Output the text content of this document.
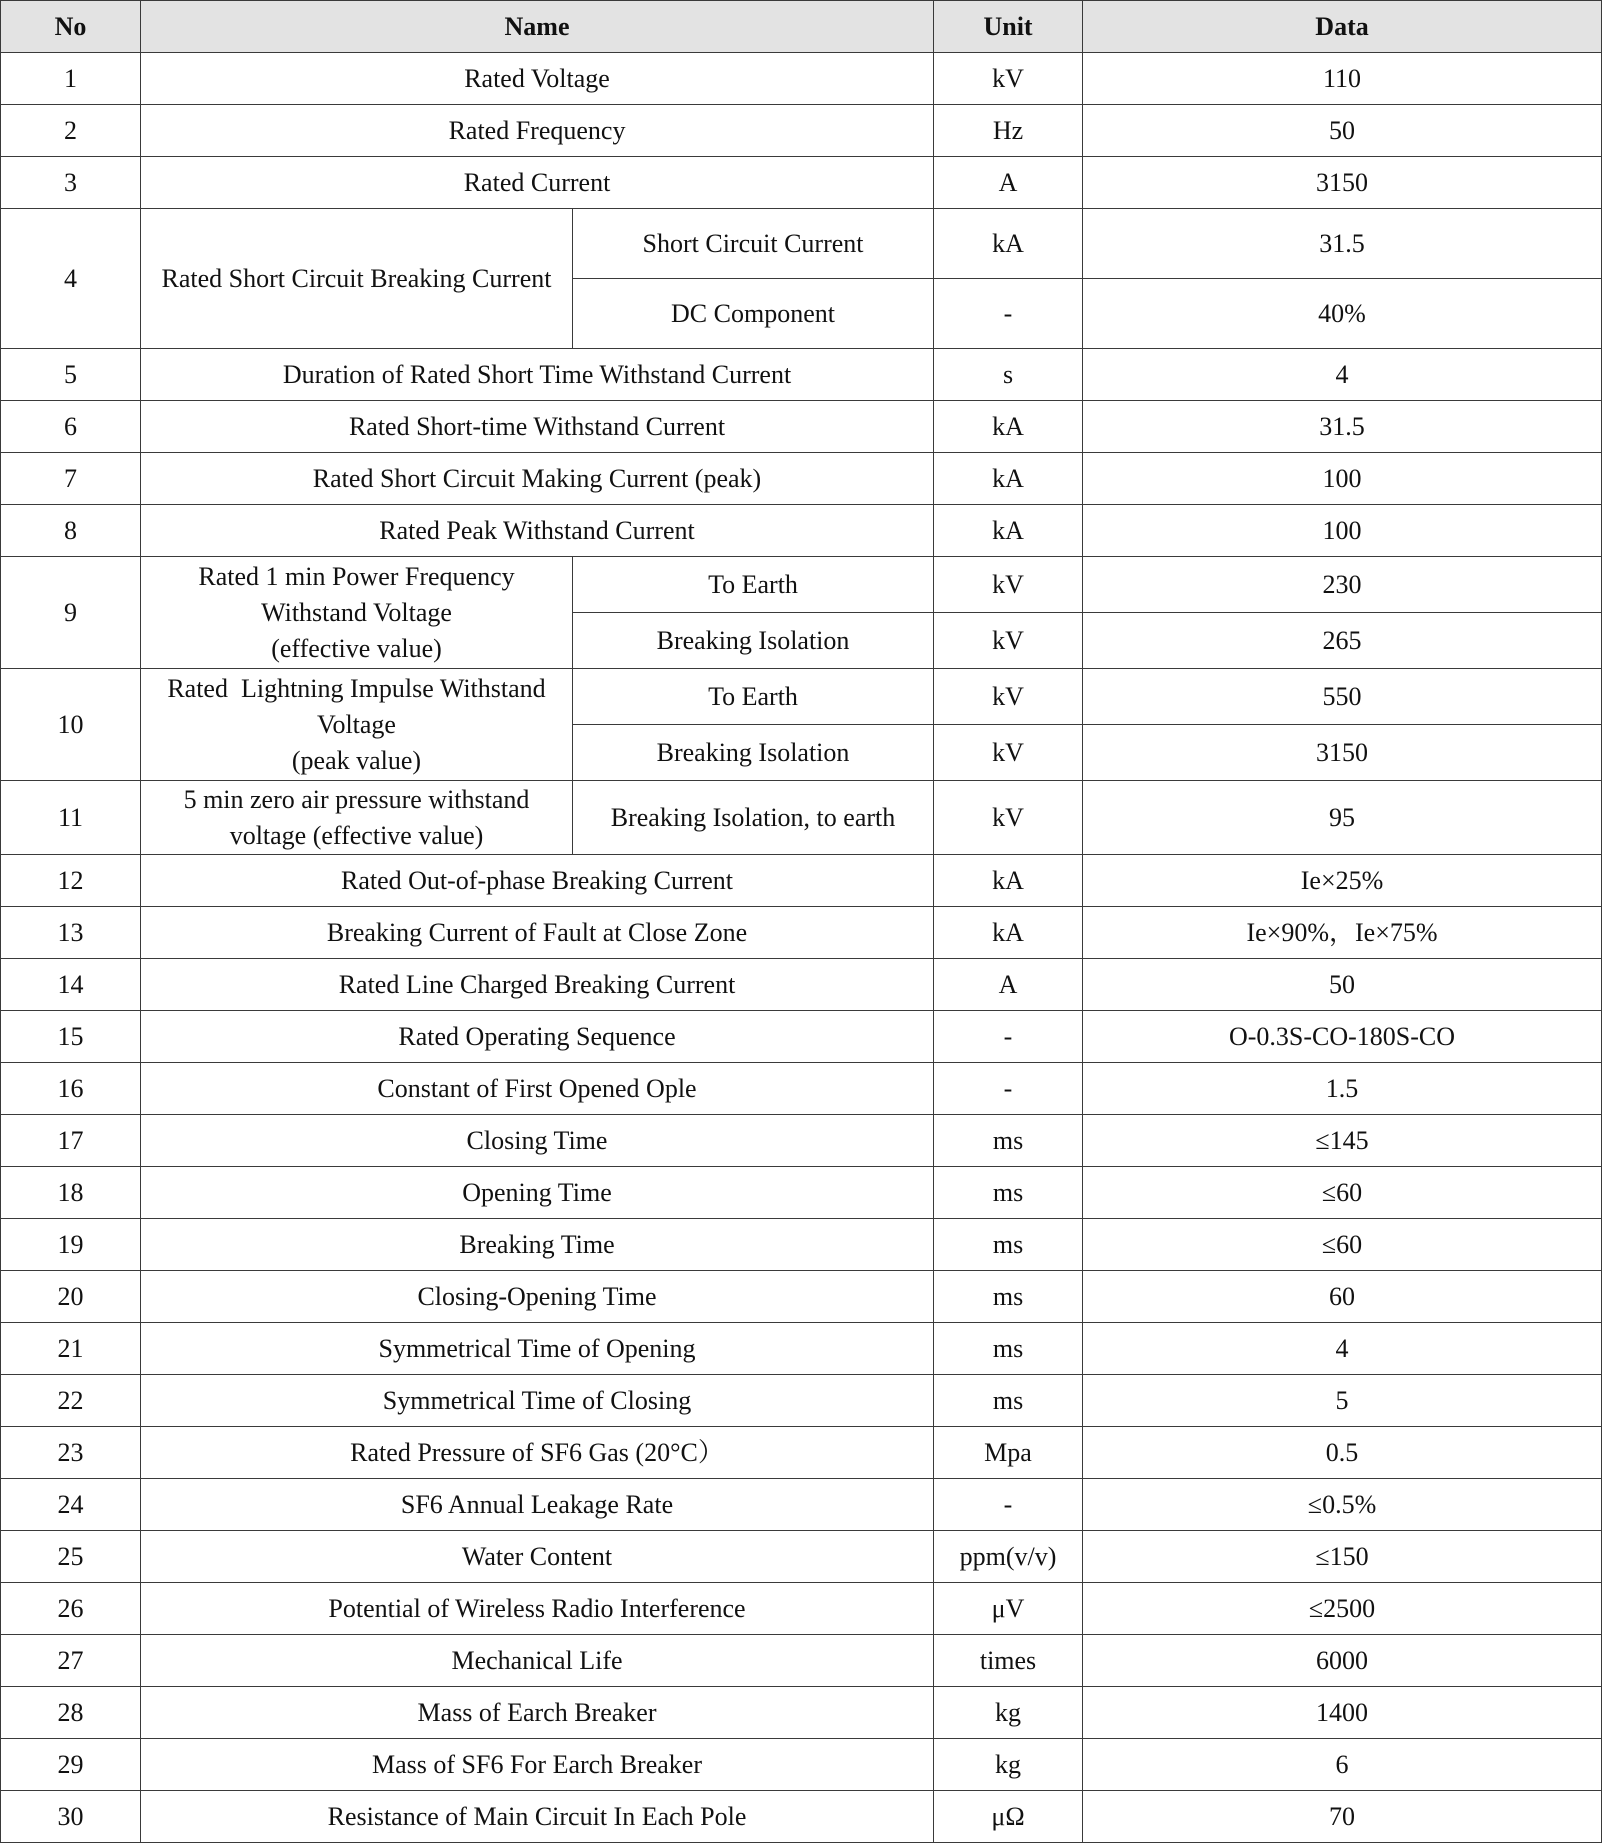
No	Name		Unit	Data
1	Rated Voltage		kV	110
2	Rated Frequency		Hz	50
3	Rated Current		A	3150
4	Rated Short Circuit Breaking Current	Short Circuit Current	kA	31.5
		DC Component	-	40%
5	Duration of Rated Short Time Withstand Current		s	4
6	Rated Short-time Withstand Current		kA	31.5
7	Rated Short Circuit Making Current (peak)		kA	100
8	Rated Peak Withstand Current		kA	100
9	Rated 1 min Power Frequency
Withstand Voltage
(effective value)	To Earth	kV	230
		Breaking Isolation	kV	265
10	Rated  Lightning Impulse Withstand
Voltage
(peak value)	To Earth	kV	550
		Breaking Isolation	kV	3150
11	5 min zero air pressure withstand
voltage (effective value)	Breaking Isolation, to earth	kV	95
12	Rated Out-of-phase Breaking Current		kA	Ie×25%
13	Breaking Current of Fault at Close Zone		kA	Ie×90%，Ie×75%
14	Rated Line Charged Breaking Current		A	50
15	Rated Operating Sequence		-	O-0.3S-CO-180S-CO
16	Constant of First Opened Ople		-	1.5
17	Closing Time		ms	≤145
18	Opening Time		ms	≤60
19	Breaking Time		ms	≤60
20	Closing-Opening Time		ms	60
21	Symmetrical Time of Opening		ms	4
22	Symmetrical Time of Closing		ms	5
23	Rated Pressure of SF6 Gas (20°C）		Mpa	0.5
24	SF6 Annual Leakage Rate		-	≤0.5%
25	Water Content		ppm(v/v)	≤150
26	Potential of Wireless Radio Interference		μV	≤2500
27	Mechanical Life		times	6000
28	Mass of Earch Breaker		kg	1400
29	Mass of SF6 For Earch Breaker		kg	6
30	Resistance of Main Circuit In Each Pole		μΩ	70
